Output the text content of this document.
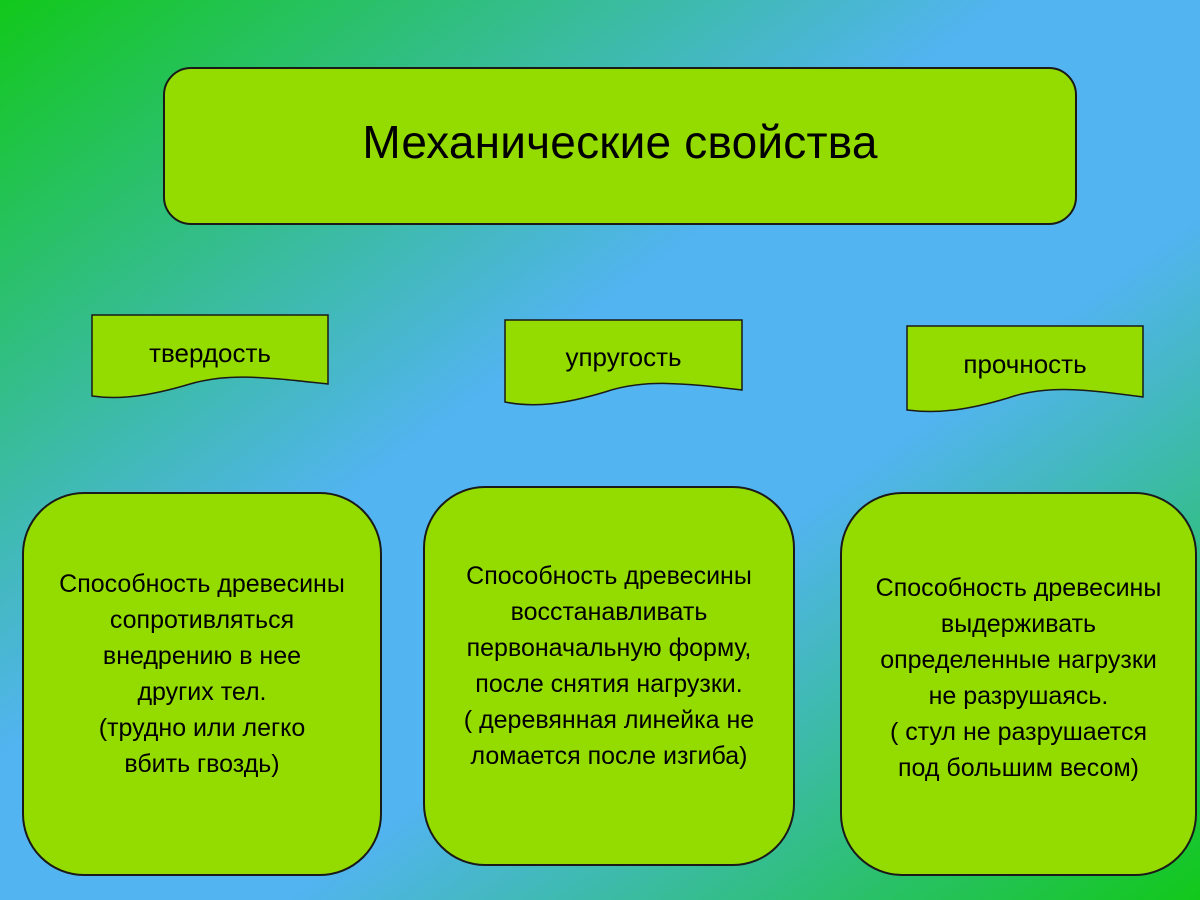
Механические свойства
твердость	упругость	прочность
Способность древесины
сопротивляться
внедрению в нее
других тел.
(трудно или легко
вбить гвоздь)
Способность древесины
восстанавливать
первоначальную форму,
после снятия нагрузки.
( деревянная линейка не
ломается после изгиба)
Способность древесины
выдерживать
определенные нагрузки
не разрушаясь.
( стул не разрушается
под большим весом)
